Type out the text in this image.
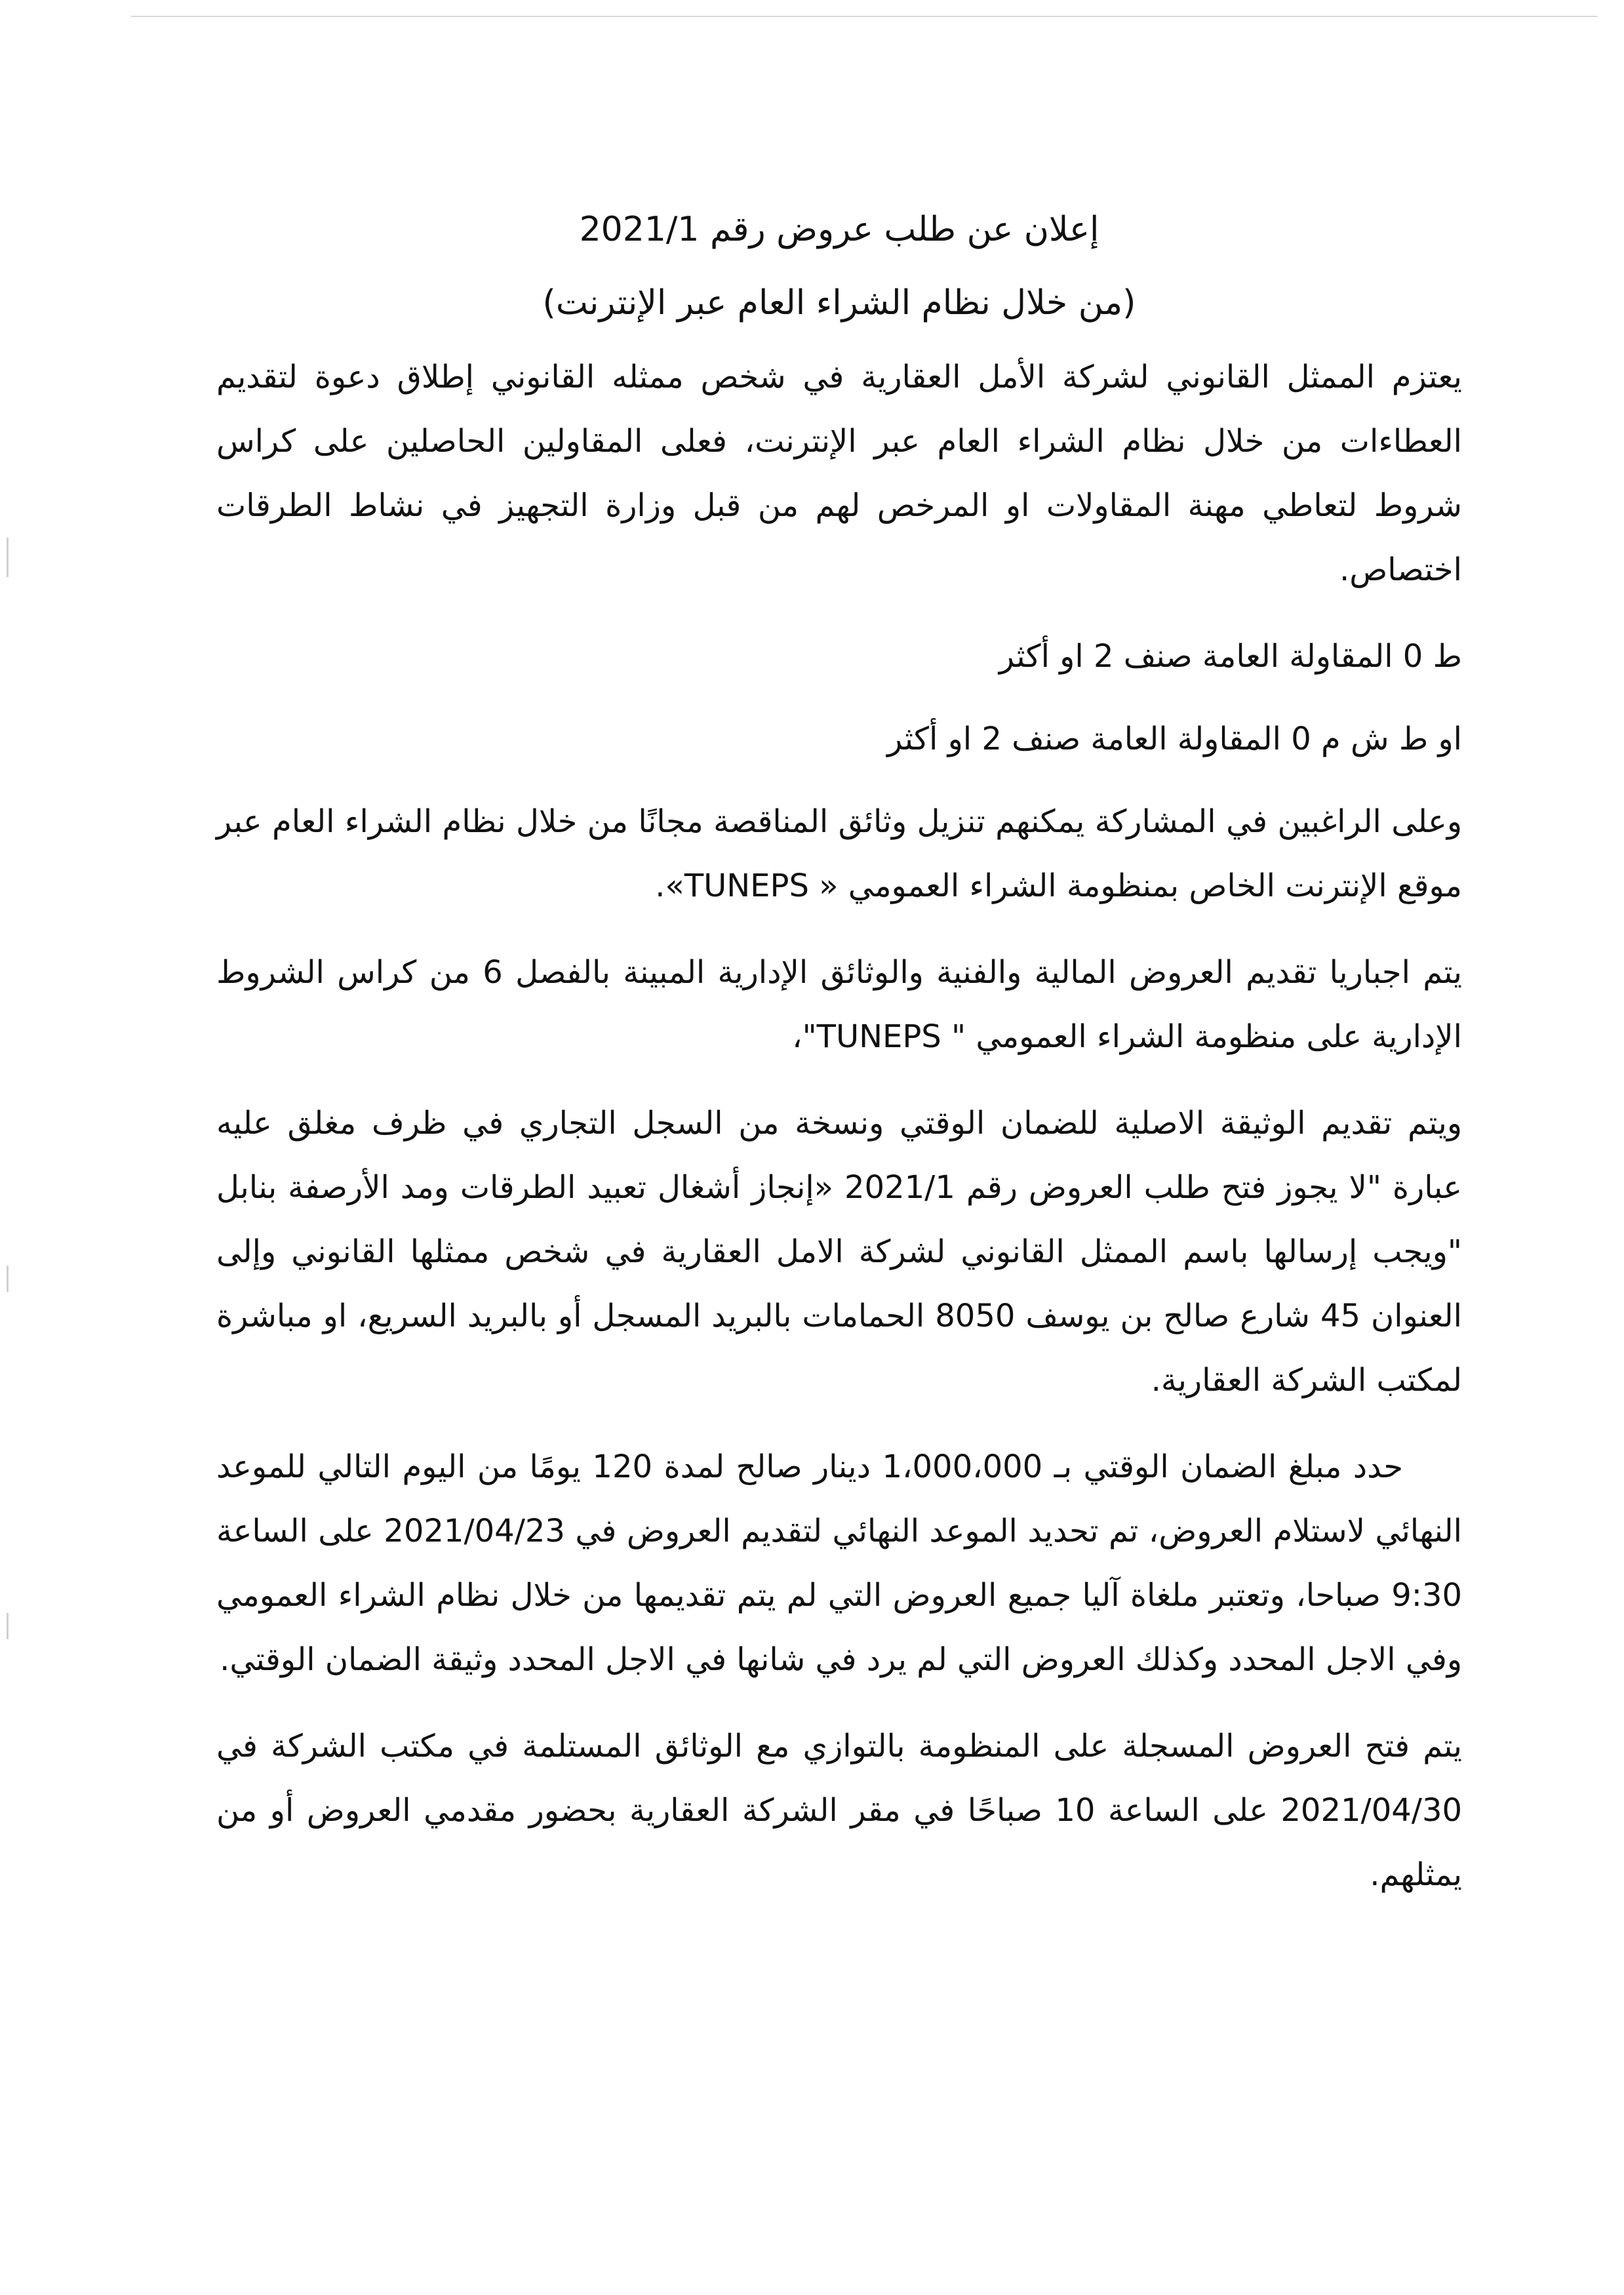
إعلان عن طلب عروض رقم 2021/1
(من خلال نظام الشراء العام عبر الإنترنت)

يعتزم الممثل القانوني لشركة الأمل العقارية في شخص ممثله القانوني إطلاق دعوة لتقديم العطاءات من خلال نظام الشراء العام عبر الإنترنت، فعلى المقاولين الحاصلين على كراس شروط لتعاطي مهنة المقاولات او المرخص لهم من قبل وزارة التجهيز في نشاط الطرقات اختصاص.

ط 0 المقاولة العامة صنف 2 او أكثر

او ط ش م 0 المقاولة العامة صنف 2 او أكثر

وعلى الراغبين في المشاركة يمكنهم تنزيل وثائق المناقصة مجانًا من خلال نظام الشراء العام عبر موقع الإنترنت الخاص بمنظومة الشراء العمومي « TUNEPS».

يتم اجباريا تقديم العروض المالية والفنية والوثائق الإدارية المبينة بالفصل 6 من كراس الشروط الإدارية على منظومة الشراء العمومي " TUNEPS"،

ويتم تقديم الوثيقة الاصلية للضمان الوقتي ونسخة من السجل التجاري في ظرف مغلق عليه عبارة "لا يجوز فتح طلب العروض رقم 2021/1 «إنجاز أشغال تعبيد الطرقات ومد الأرصفة بنابل "ويجب إرسالها باسم الممثل القانوني لشركة الامل العقارية في شخص ممثلها القانوني وإلى العنوان 45 شارع صالح بن يوسف 8050 الحمامات بالبريد المسجل أو بالبريد السريع، او مباشرة لمكتب الشركة العقارية.

حدد مبلغ الضمان الوقتي بـ 1،000،000 دينار صالح لمدة 120 يومًا من اليوم التالي للموعد النهائي لاستلام العروض، تم تحديد الموعد النهائي لتقديم العروض في 2021/04/23 على الساعة 9:30 صباحا، وتعتبر ملغاة آليا جميع العروض التي لم يتم تقديمها من خلال نظام الشراء العمومي وفي الاجل المحدد وكذلك العروض التي لم يرد في شانها في الاجل المحدد وثيقة الضمان الوقتي.

يتم فتح العروض المسجلة على المنظومة بالتوازي مع الوثائق المستلمة في مكتب الشركة في 2021/04/30 على الساعة 10 صباحًا في مقر الشركة العقارية بحضور مقدمي العروض أو من يمثلهم.
